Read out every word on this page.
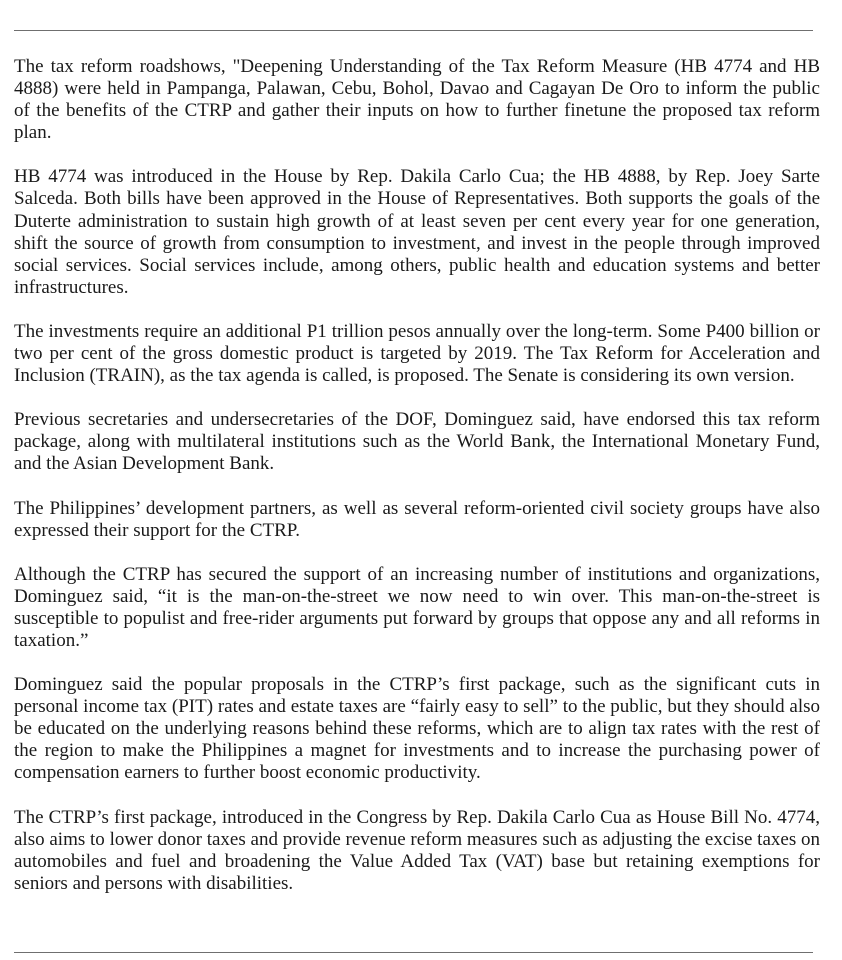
The tax reform roadshows, "Deepening Understanding of the Tax Reform Measure (HB 4774 and HB 4888) were held in Pampanga, Palawan, Cebu, Bohol, Davao and Cagayan De Oro to inform the public of the benefits of the CTRP and gather their inputs on how to further finetune the proposed tax reform plan.

HB 4774 was introduced in the House by Rep. Dakila Carlo Cua; the HB 4888, by Rep. Joey Sarte Salceda. Both bills have been approved in the House of Representatives. Both supports the goals of the Duterte administration to sustain high growth of at least seven per cent every year for one generation, shift the source of growth from consumption to investment, and invest in the people through improved social services. Social services include, among others, public health and education systems and better infrastructures.

The investments require an additional P1 trillion pesos annually over the long-term. Some P400 billion or two per cent of the gross domestic product is targeted by 2019. The Tax Reform for Acceleration and Inclusion (TRAIN), as the tax agenda is called, is proposed. The Senate is considering its own version.

Previous secretaries and undersecretaries of the DOF, Dominguez said, have endorsed this tax reform package, along with multilateral institutions such as the World Bank, the International Monetary Fund, and the Asian Development Bank.

The Philippines’ development partners, as well as several reform-oriented civil society groups have also expressed their support for the CTRP.

Although the CTRP has secured the support of an increasing number of institutions and organizations, Dominguez said, “it is the man-on-the-street we now need to win over. This man-on-the-street is susceptible to populist and free-rider arguments put forward by groups that oppose any and all reforms in taxation.”

Dominguez said the popular proposals in the CTRP’s first package, such as the significant cuts in personal income tax (PIT) rates and estate taxes are “fairly easy to sell” to the public, but they should also be educated on the underlying reasons behind these reforms, which are to align tax rates with the rest of the region to make the Philippines a magnet for investments and to increase the purchasing power of compensation earners to further boost economic productivity.

The CTRP’s first package, introduced in the Congress by Rep. Dakila Carlo Cua as House Bill No. 4774, also aims to lower donor taxes and provide revenue reform measures such as adjusting the excise taxes on automobiles and fuel and broadening the Value Added Tax (VAT) base but retaining exemptions for seniors and persons with disabilities.
